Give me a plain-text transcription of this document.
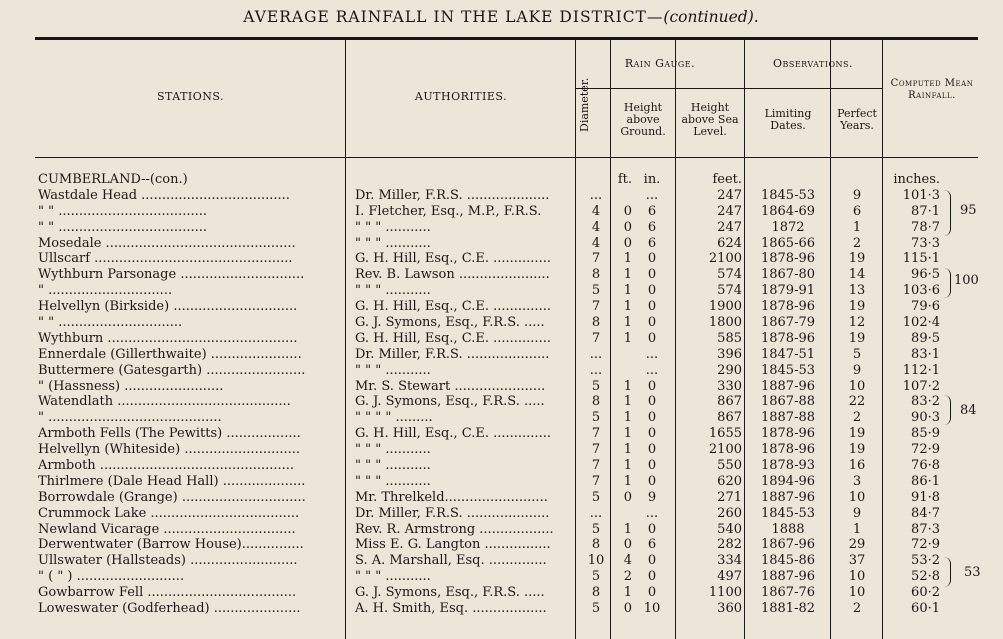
AVERAGE RAINFALL IN THE LAKE DISTRICT—(continued).
STATIONS.	AUTHORITIES.
Rain Gauge.	Observations.
Diameter.	Height above Ground.
Height above Sea Level.
Limiting Dates.
Perfect Years.
Computed Mean Rainfall.
CUMBERLAND--(con.)	ft. in.	feet.	inches.
Wastdale Head ....................................	Dr. Miller, F.R.S. ....................	...	...	247	1845-53	9	101·3
" " ....................................	I. Fletcher, Esq., M.P., F.R.S.	4	0	6	247	1864-69	6	87·1
" " ....................................	" " " ...........	4	0	6	247	1872	1	78·7
Mosedale ..............................................	" " " ...........	4	0	6	624	1865-66	2	73·3
Ullscarf ................................................	G. H. Hill, Esq., C.E. ..............	7	1	0	2100	1878-96	19	115·1
Wythburn Parsonage ..............................	Rev. B. Lawson ......................	8	1	0	574	1867-80	14	96·5
" ..............................	" " " ...........	5	1	0	574	1879-91	13	103·6
Helvellyn (Birkside) ..............................	G. H. Hill, Esq., C.E. ..............	7	1	0	1900	1878-96	19	79·6
" " ..............................	G. J. Symons, Esq., F.R.S. .....	8	1	0	1800	1867-79	12	102·4
Wythburn ..............................................	G. H. Hill, Esq., C.E. ..............	7	1	0	585	1878-96	19	89·5
Ennerdale (Gillerthwaite) ......................	Dr. Miller, F.R.S. ....................	...	...	396	1847-51	5	83·1
Buttermere (Gatesgarth) ........................	" " " ...........	...	...	290	1845-53	9	112·1
" (Hassness) ........................	Mr. S. Stewart ......................	5	1	0	330	1887-96	10	107·2
Watendlath ..........................................	G. J. Symons, Esq., F.R.S. .....	8	1	0	867	1867-88	22	83·2
" ..........................................	" " " " .........	5	1	0	867	1887-88	2	90·3
Armboth Fells (The Pewitts) ..................	G. H. Hill, Esq., C.E. ..............	7	1	0	1655	1878-96	19	85·9
Helvellyn (Whiteside) ............................	" " " ...........	7	1	0	2100	1878-96	19	72·9
Armboth ...............................................	" " " ...........	7	1	0	550	1878-93	16	76·8
Thirlmere (Dale Head Hall) ....................	" " " ...........	7	1	0	620	1894-96	3	86·1
Borrowdale (Grange) ..............................	Mr. Threlkeld.........................	5	0	9	271	1887-96	10	91·8
Crummock Lake ....................................	Dr. Miller, F.R.S. ....................	...	...	260	1845-53	9	84·7
Newland Vicarage ................................	Rev. R. Armstrong ..................	5	1	0	540	1888	1	87·3
Derwentwater (Barrow House)...............	Miss E. G. Langton ................	8	0	6	282	1867-96	29	72·9
Ullswater (Hallsteads) ..........................	S. A. Marshall, Esq. ..............	10	4	0	334	1845-86	37	53·2
" ( " ) ..........................	" " " ...........	5	2	0	497	1887-96	10	52·8
Gowbarrow Fell ....................................	G. J. Symons, Esq., F.R.S. .....	8	1	0	1100	1867-76	10	60·2
Loweswater (Godferhead) .....................	A. H. Smith, Esq. ..................	5	0 10	360	1881-82	2	60·1
95
100
84
53
